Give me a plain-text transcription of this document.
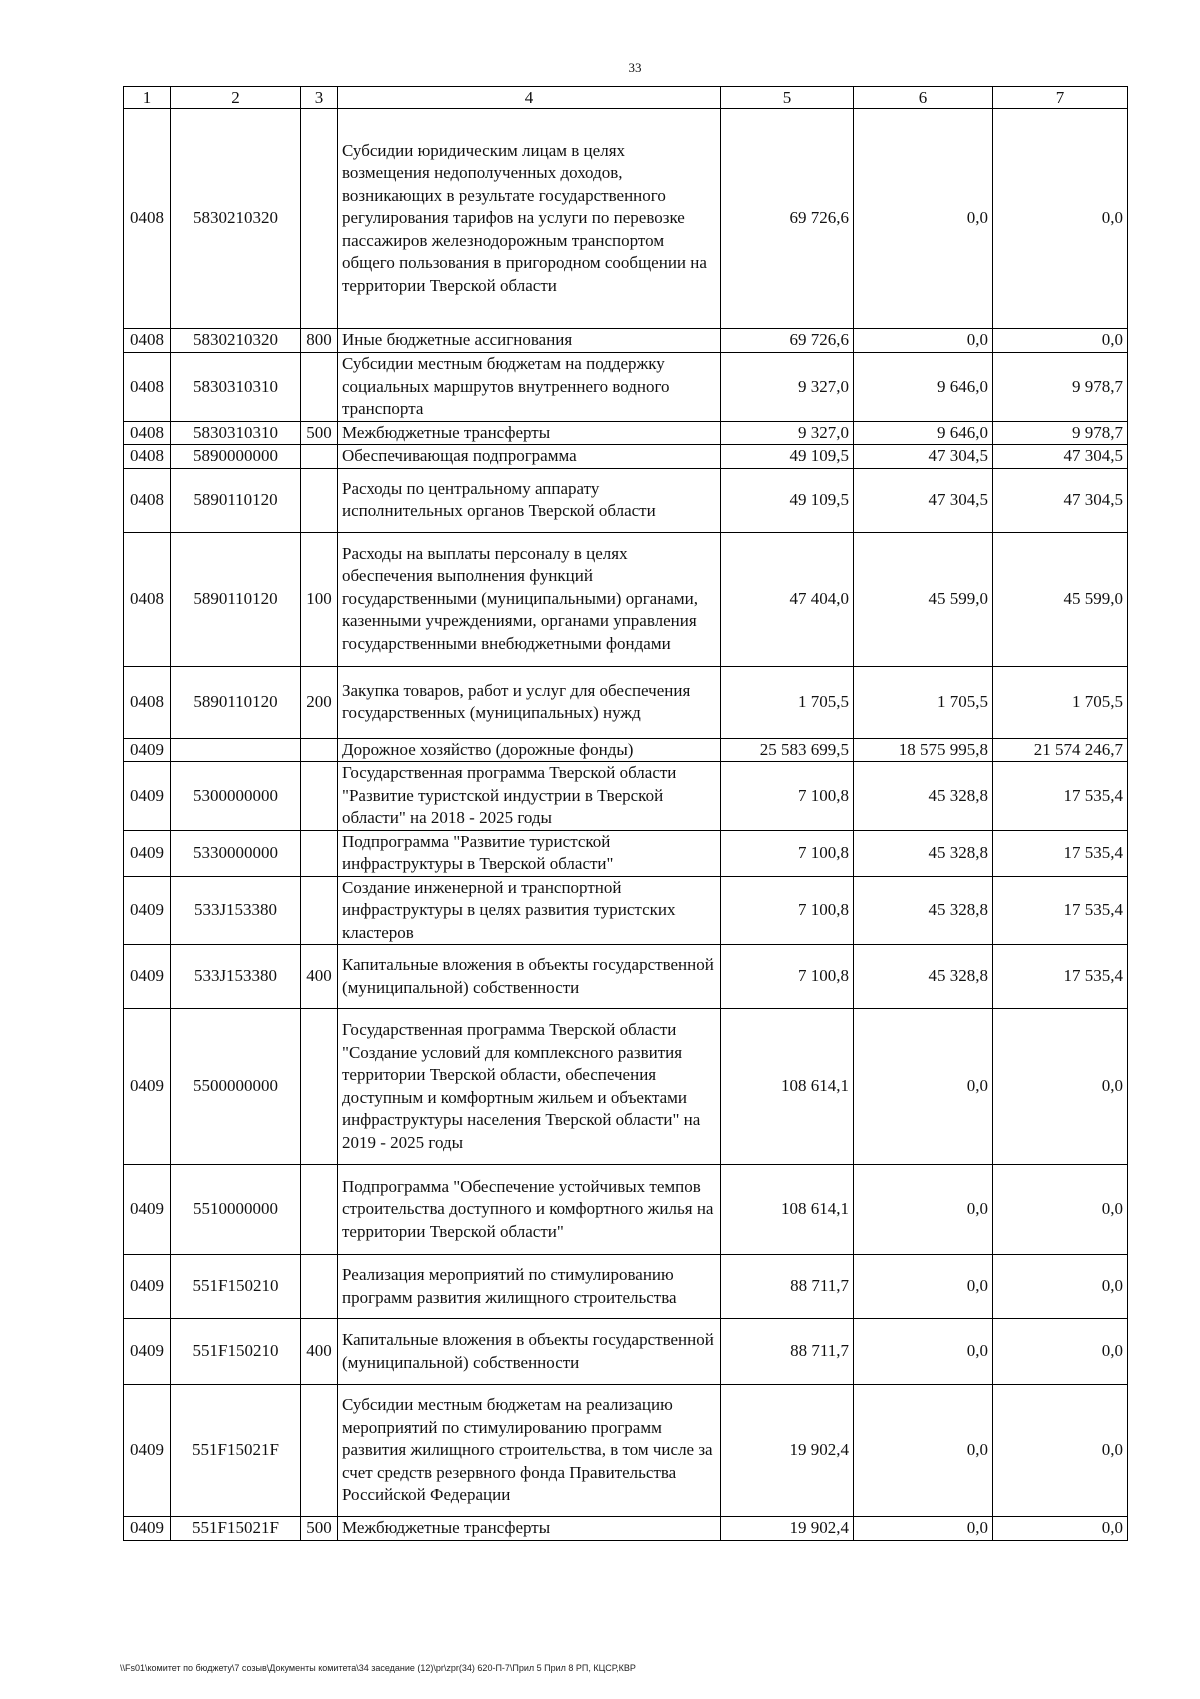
33
1	2	3	4	5	6	7
0408	5830210320		Субсидии юридическим лицам в целях возмещения недополученных доходов, возникающих в результате государственного регулирования тарифов на услуги по перевозке пассажиров железнодорожным транспортом общего пользования в пригородном сообщении на территории Тверской области	69 726,6	0,0	0,0
0408	5830210320	800	Иные бюджетные ассигнования	69 726,6	0,0	0,0
0408	5830310310		Субсидии местным бюджетам на поддержку социальных маршрутов внутреннего водного транспорта	9 327,0	9 646,0	9 978,7
0408	5830310310	500	Межбюджетные трансферты	9 327,0	9 646,0	9 978,7
0408	5890000000		Обеспечивающая подпрограмма	49 109,5	47 304,5	47 304,5
0408	5890110120		Расходы по центральному аппарату исполнительных органов Тверской области	49 109,5	47 304,5	47 304,5
0408	5890110120	100	Расходы на выплаты персоналу в целях обеспечения выполнения функций государственными (муниципальными) органами, казенными учреждениями, органами управления государственными внебюджетными фондами	47 404,0	45 599,0	45 599,0
0408	5890110120	200	Закупка товаров, работ и услуг для обеспечения государственных (муниципальных) нужд	1 705,5	1 705,5	1 705,5
0409			Дорожное хозяйство (дорожные фонды)	25 583 699,5	18 575 995,8	21 574 246,7
0409	5300000000		Государственная программа Тверской области "Развитие туристской индустрии в Тверской области" на 2018 - 2025 годы	7 100,8	45 328,8	17 535,4
0409	5330000000		Подпрограмма "Развитие туристской инфраструктуры в Тверской области"	7 100,8	45 328,8	17 535,4
0409	533J153380		Создание инженерной и транспортной инфраструктуры в целях развития туристских кластеров	7 100,8	45 328,8	17 535,4
0409	533J153380	400	Капитальные вложения в объекты государственной (муниципальной) собственности	7 100,8	45 328,8	17 535,4
0409	5500000000		Государственная программа Тверской области "Создание условий для комплексного развития территории Тверской области, обеспечения доступным и комфортным жильем и объектами инфраструктуры населения Тверской области" на 2019 - 2025 годы	108 614,1	0,0	0,0
0409	5510000000		Подпрограмма "Обеспечение устойчивых темпов строительства доступного и комфортного жилья на территории Тверской области"	108 614,1	0,0	0,0
0409	551F150210		Реализация мероприятий по стимулированию программ развития жилищного строительства	88 711,7	0,0	0,0
0409	551F150210	400	Капитальные вложения в объекты государственной (муниципальной) собственности	88 711,7	0,0	0,0
0409	551F15021F		Субсидии местным бюджетам на реализацию мероприятий по стимулированию программ развития жилищного строительства, в том числе за счет средств резервного фонда Правительства Российской Федерации	19 902,4	0,0	0,0
0409	551F15021F	500	Межбюджетные трансферты	19 902,4	0,0	0,0
\\Fs01\комитет по бюджету\7 созыв\Документы комитета\34 заседание (12)\pr\zpr(34) 620-П-7\Прил 5 Прил 8 РП, КЦСР,КВР
